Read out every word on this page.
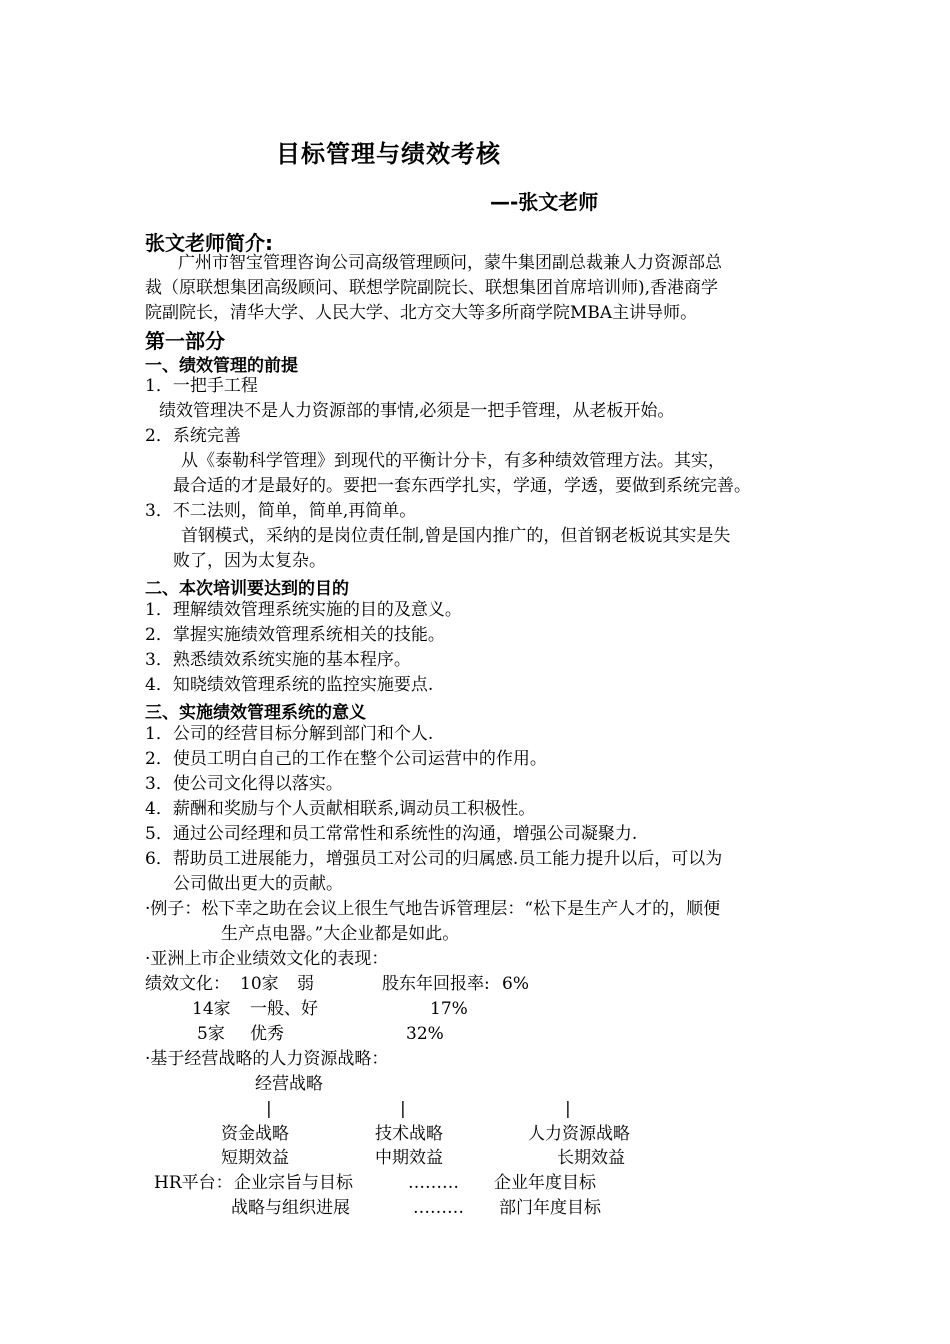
目标管理与绩效考核
—-张文老师
张文老师简介:
广州市智宝管理咨询公司高级管理顾问，蒙牛集团副总裁兼人力资源部总
裁（原联想集团高级顾问、联想学院副院长、联想集团首席培训师),香港商学
院副院长，清华大学、人民大学、北方交大等多所商学院MBA主讲导师。
第一部分
一、绩效管理的前提
1．一把手工程
绩效管理决不是人力资源部的事情,必须是一把手管理，从老板开始。
2．系统完善
从《泰勒科学管理》到现代的平衡计分卡，有多种绩效管理方法。其实，
最合适的才是最好的。要把一套东西学扎实，学通，学透，要做到系统完善。
3．不二法则，简单，简单,再简单。
首钢模式，采纳的是岗位责任制,曾是国内推广的，但首钢老板说其实是失
败了，因为太复杂。
二、本次培训要达到的目的
1．理解绩效管理系统实施的目的及意义。
2．掌握实施绩效管理系统相关的技能。
3．熟悉绩效系统实施的基本程序。
4．知晓绩效管理系统的监控实施要点.
三、实施绩效管理系统的意义
1．公司的经营目标分解到部门和个人.
2．使员工明白自己的工作在整个公司运营中的作用。
3．使公司文化得以落实。
4．薪酬和奖励与个人贡献相联系,调动员工积极性。
5．通过公司经理和员工常常性和系统性的沟通，增强公司凝聚力.
6．帮助员工进展能力，增强员工对公司的归属感.员工能力提升以后，可以为
公司做出更大的贡献。
·例子：松下幸之助在会议上很生气地告诉管理层：“松下是生产人才的，顺便
生产点电器。”大企业都是如此。
·亚洲上市企业绩效文化的表现：
绩效文化： 10家 弱	股东年回报率: 6%
14家 一般、好	17%
5家 优秀	32%
·基于经营战略的人力资源战略：
经营战略
|	|	|
资金战略	技术战略	人力资源战略
短期效益	中期效益	长期效益
HR平台： 企业宗旨与目标	……… 企业年度目标
战略与组织进展	……… 部门年度目标
